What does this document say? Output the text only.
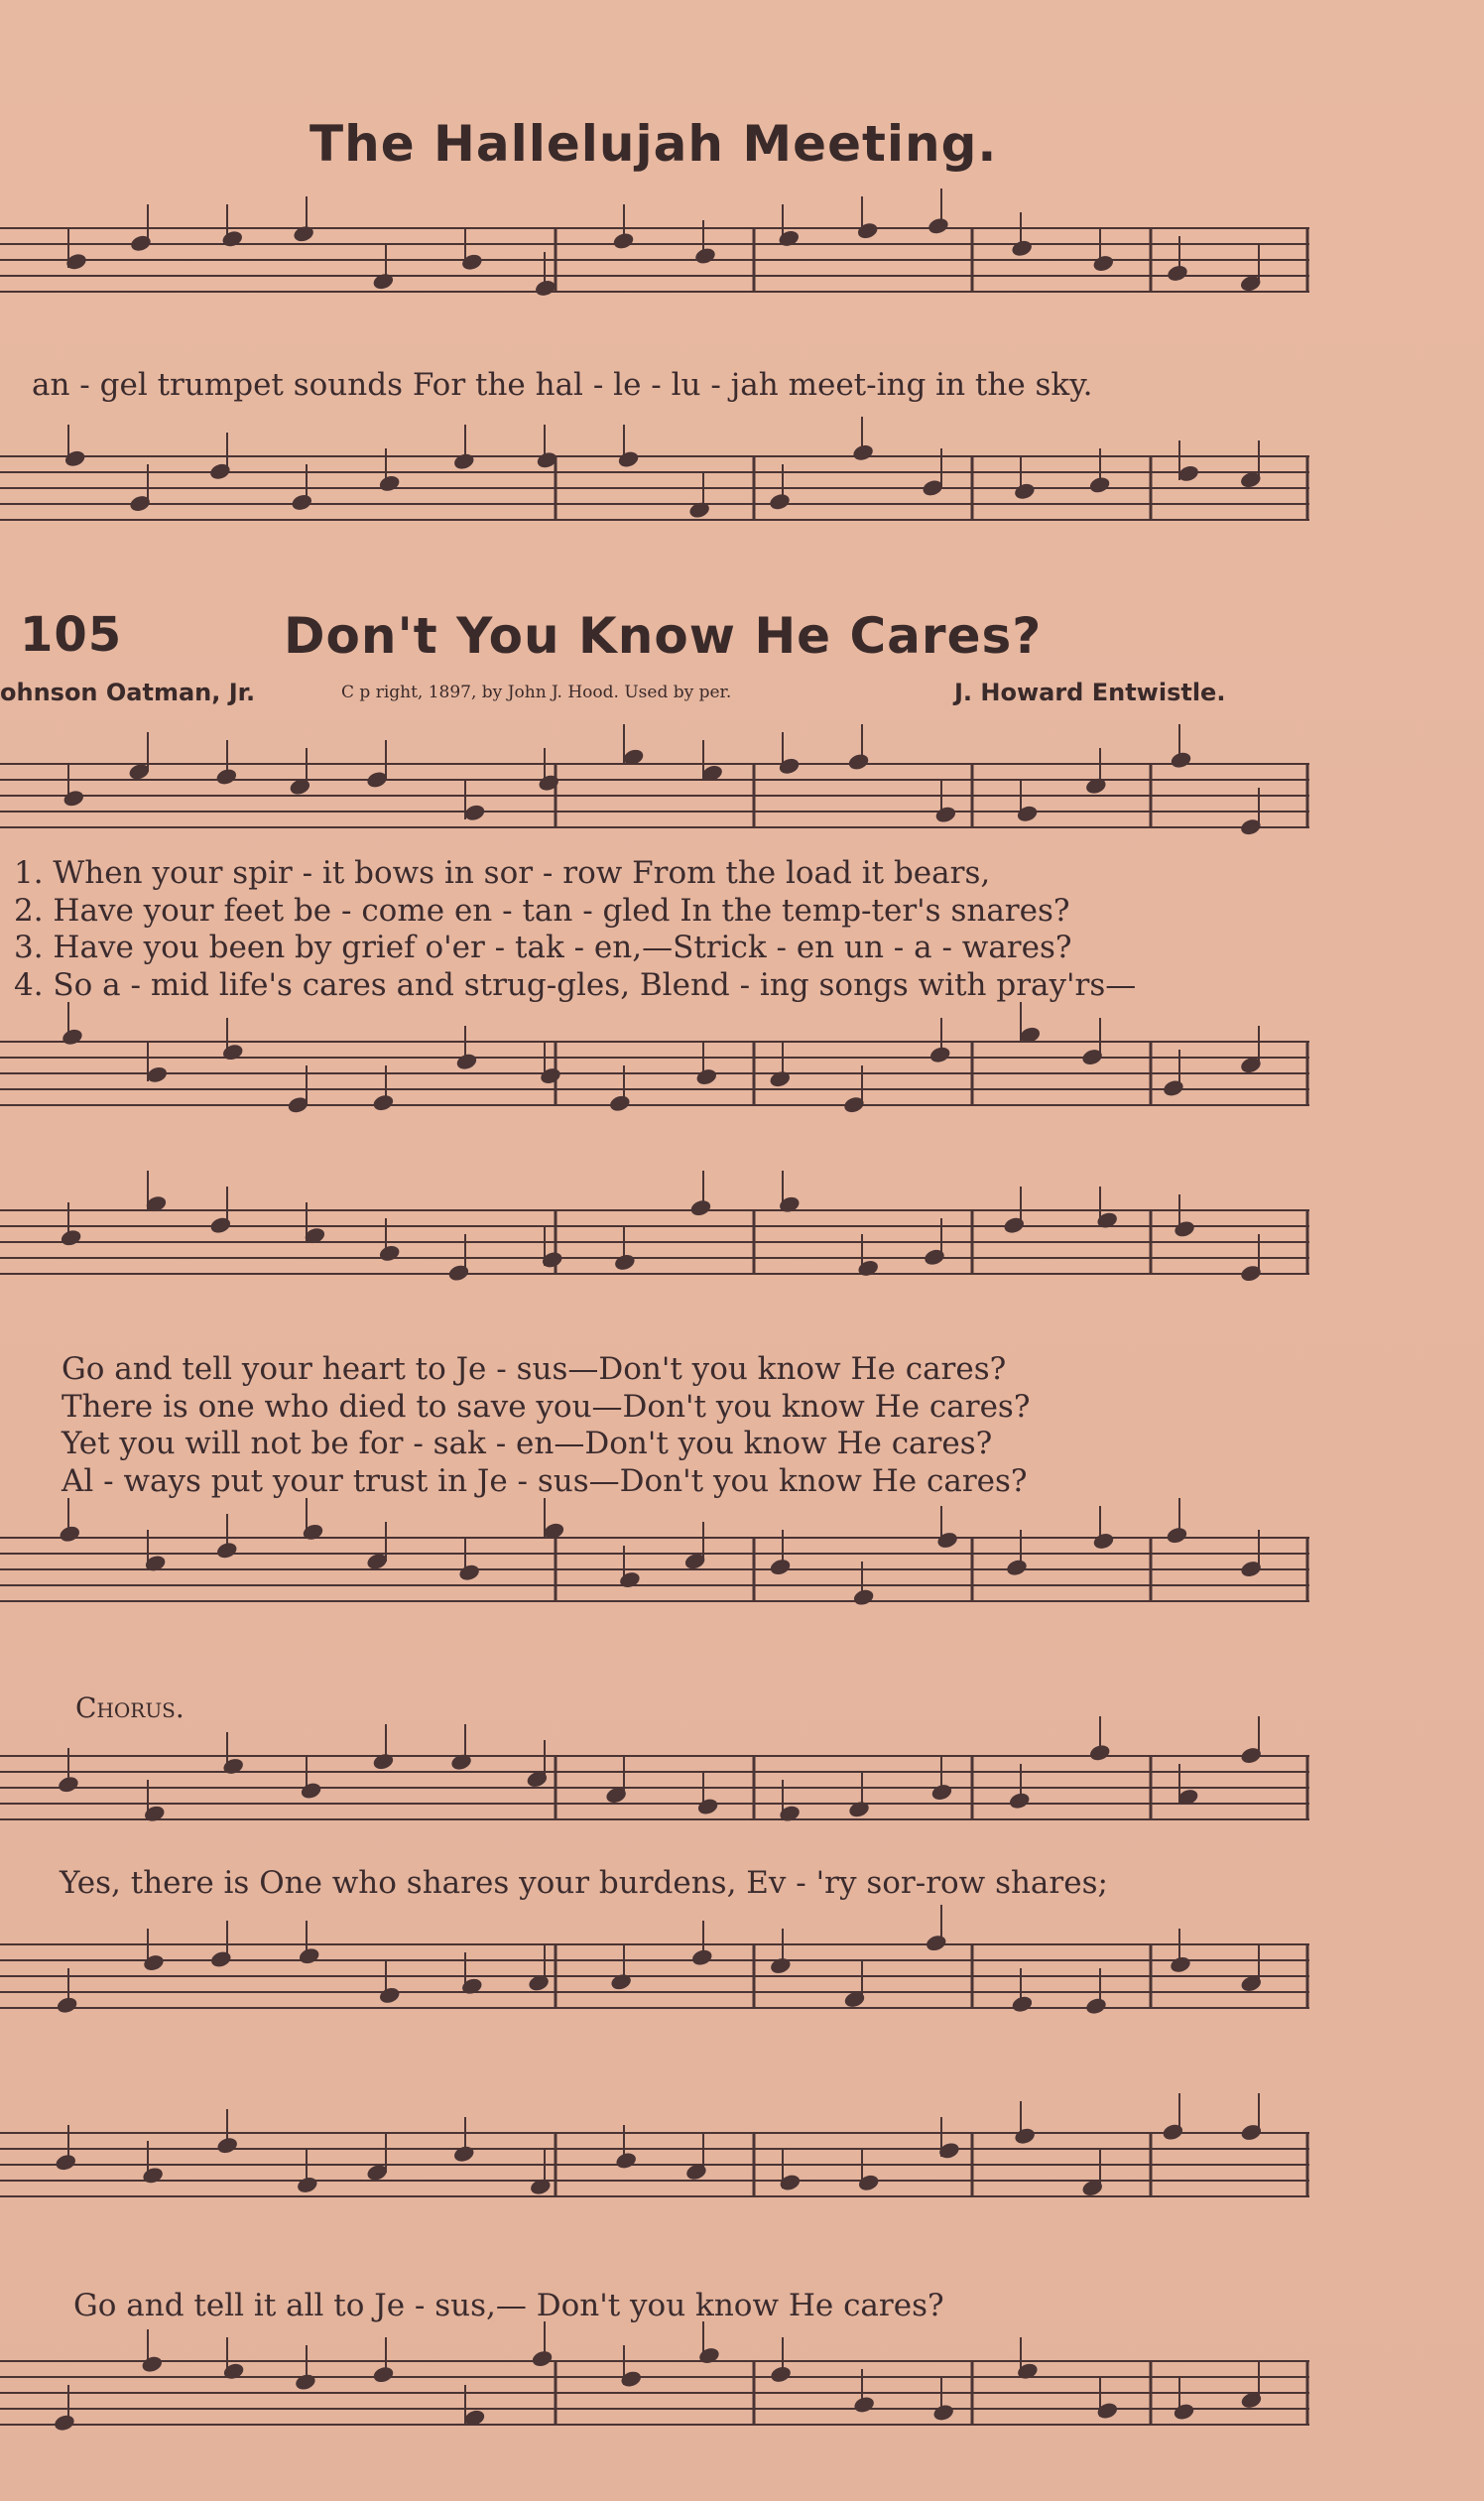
The Hallelujah Meeting.
an - gel trumpet sounds For the hal - le - lu - jah meet-ing in the sky.
105	Don't You Know He Cares?
ohnson Oatman, Jr.	C p right, 1897, by John J. Hood. Used by per.	J. Howard Entwistle.
1. When your spir - it bows in sor - row From the load it bears,
2. Have your feet be - come en - tan - gled In the temp-ter's snares?
3. Have you been by grief o'er - tak - en,—Strick - en un - a - wares?
4. So a - mid life's cares and strug-gles, Blend - ing songs with pray'rs—
Go and tell your heart to Je - sus—Don't you know He cares?
There is one who died to save you—Don't you know He cares?
Yet you will not be for - sak - en—Don't you know He cares?
Al - ways put your trust in Je - sus—Don't you know He cares?
Chorus.
Yes, there is One who shares your burdens, Ev - 'ry sor-row shares;
Go and tell it all to Je - sus,— Don't you know He cares?
